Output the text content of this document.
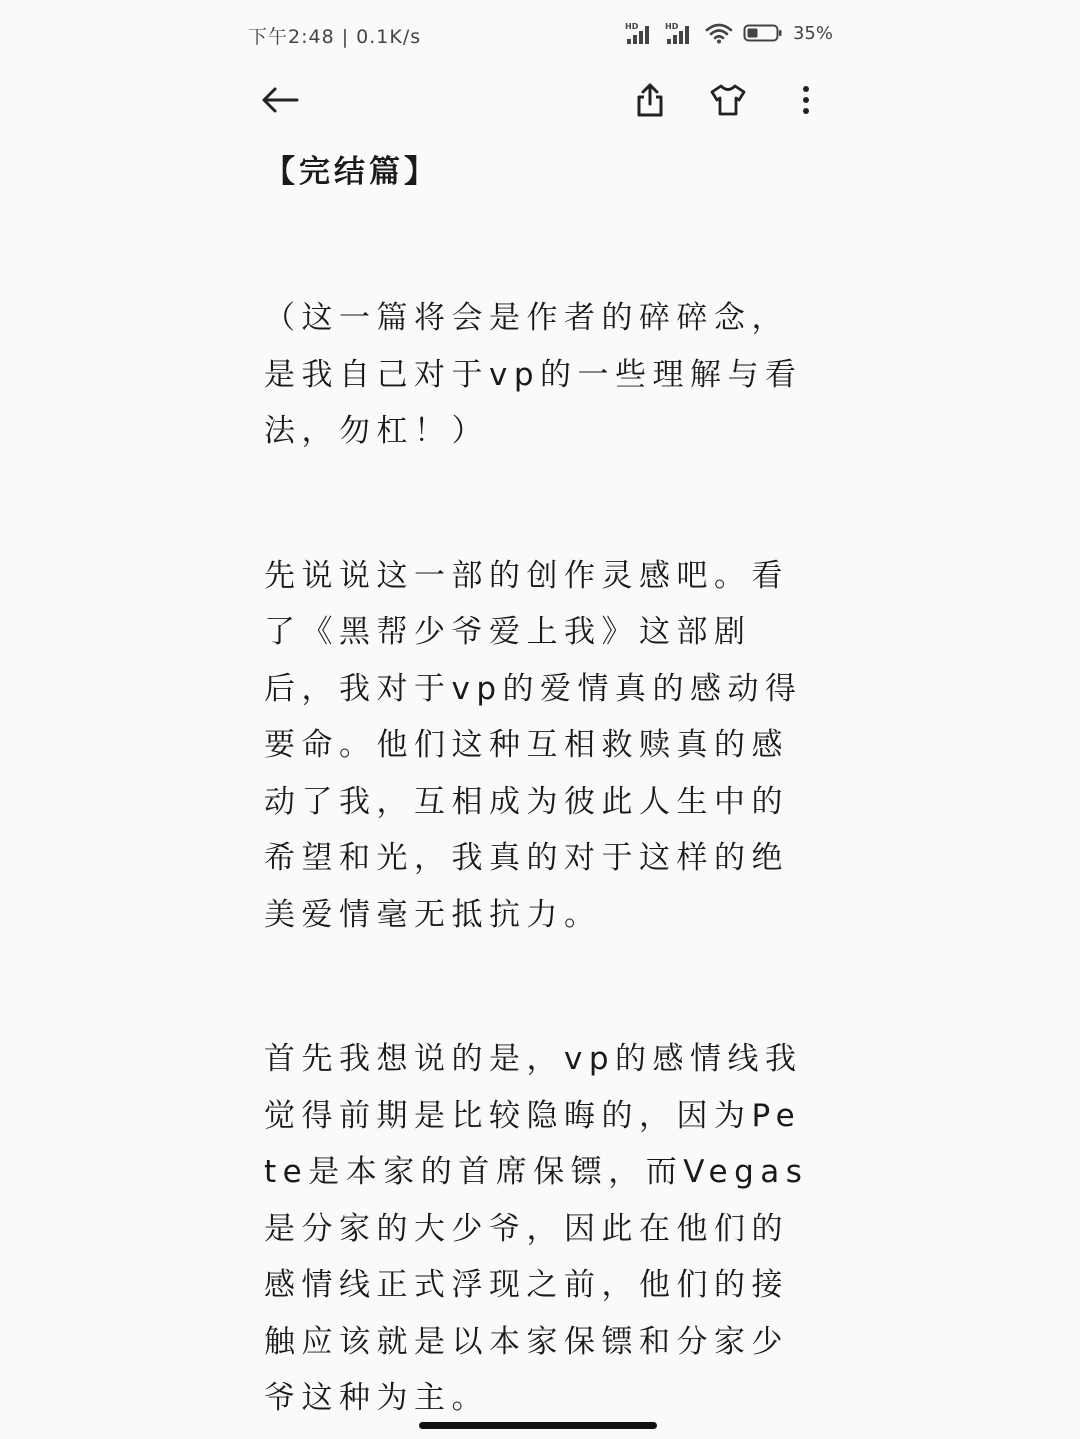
下午2:48 | 0.1K/s	HD	HD	35%
【完结篇】

（这一篇将会是作者的碎碎念，是我自己对于vp的一些理解与看法，勿杠！）

先说说这一部的创作灵感吧。看了《黑帮少爷爱上我》这部剧后，我对于vp的爱情真的感动得要命。他们这种互相救赎真的感动了我，互相成为彼此人生中的希望和光，我真的对于这样的绝美爱情毫无抵抗力。

首先我想说的是，vp的感情线我觉得前期是比较隐晦的，因为Pete是本家的首席保镖，而Vegas是分家的大少爷，因此在他们的感情线正式浮现之前，他们的接触应该就是以本家保镖和分家少爷这种为主。
